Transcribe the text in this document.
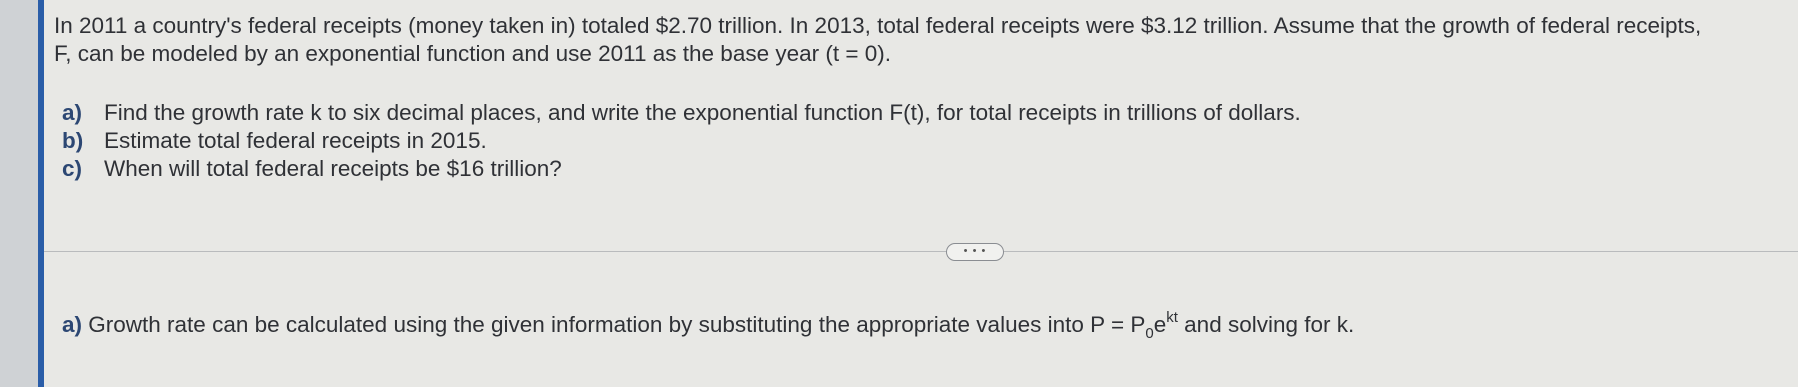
In 2011 a country's federal receipts (money taken in) totaled $2.70 trillion. In 2013, total federal receipts were $3.12 trillion. Assume that the growth of federal receipts,

F, can be modeled by an exponential function and use 2011 as the base year (t = 0).

a) Find the growth rate k to six decimal places, and write the exponential function F(t), for total receipts in trillions of dollars.
b) Estimate total federal receipts in 2015.
c) When will total federal receipts be $16 trillion?
• • •
a) Growth rate can be calculated using the given information by substituting the appropriate values into $P = P_0e^{kt}$ and solving for k.
